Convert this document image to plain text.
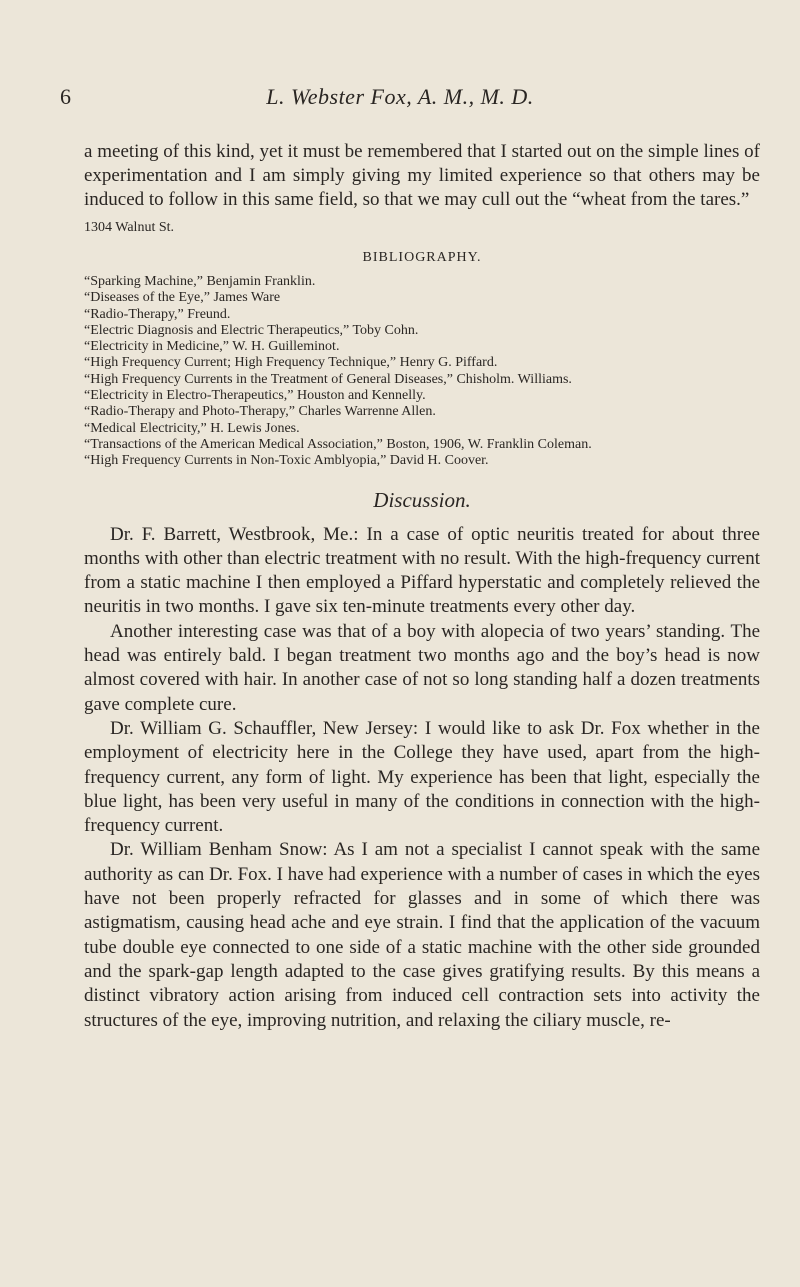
6	L. Webster Fox, A. M., M. D.

a meeting of this kind, yet it must be remembered that I started out on the simple lines of experimentation and I am simply giving my limited experience so that others may be induced to follow in this same field, so that we may cull out the “wheat from the tares.”

1304 Walnut St.
BIBLIOGRAPHY.
“Sparking Machine,” Benjamin Franklin.
“Diseases of the Eye,” James Ware
“Radio-Therapy,” Freund.
“Electric Diagnosis and Electric Therapeutics,” Toby Cohn.
“Electricity in Medicine,” W. H. Guilleminot.
“High Frequency Current; High Frequency Technique,” Henry G. Piffard.
“High Frequency Currents in the Treatment of General Diseases,” Chisholm. Williams.
“Electricity in Electro-Therapeutics,” Houston and Kennelly.
“Radio-Therapy and Photo-Therapy,” Charles Warrenne Allen.
“Medical Electricity,” H. Lewis Jones.
“Transactions of the American Medical Association,” Boston, 1906, W. Franklin Coleman.
“High Frequency Currents in Non-Toxic Amblyopia,” David H. Coover.
Discussion.

Dr. F. Barrett, Westbrook, Me.: In a case of optic neuritis treated for about three months with other than electric treatment with no result. With the high-frequency current from a static machine I then employed a Piffard hyperstatic and completely relieved the neuritis in two months. I gave six ten-minute treatments every other day.

Another interesting case was that of a boy with alopecia of two years’ standing. The head was entirely bald. I began treatment two months ago and the boy’s head is now almost covered with hair. In another case of not so long standing half a dozen treatments gave complete cure.

Dr. William G. Schauffler, New Jersey: I would like to ask Dr. Fox whether in the employment of electricity here in the College they have used, apart from the high-frequency current, any form of light. My experience has been that light, especially the blue light, has been very useful in many of the conditions in connection with the high-frequency current.

Dr. William Benham Snow: As I am not a specialist I cannot speak with the same authority as can Dr. Fox. I have had experience with a number of cases in which the eyes have not been properly refracted for glasses and in some of which there was astigmatism, causing head ache and eye strain. I find that the application of the vacuum tube double eye connected to one side of a static machine with the other side grounded and the spark-gap length adapted to the case gives gratifying results. By this means a distinct vibratory action arising from induced cell contraction sets into activity the structures of the eye, improving nutrition, and relaxing the ciliary muscle, re-
